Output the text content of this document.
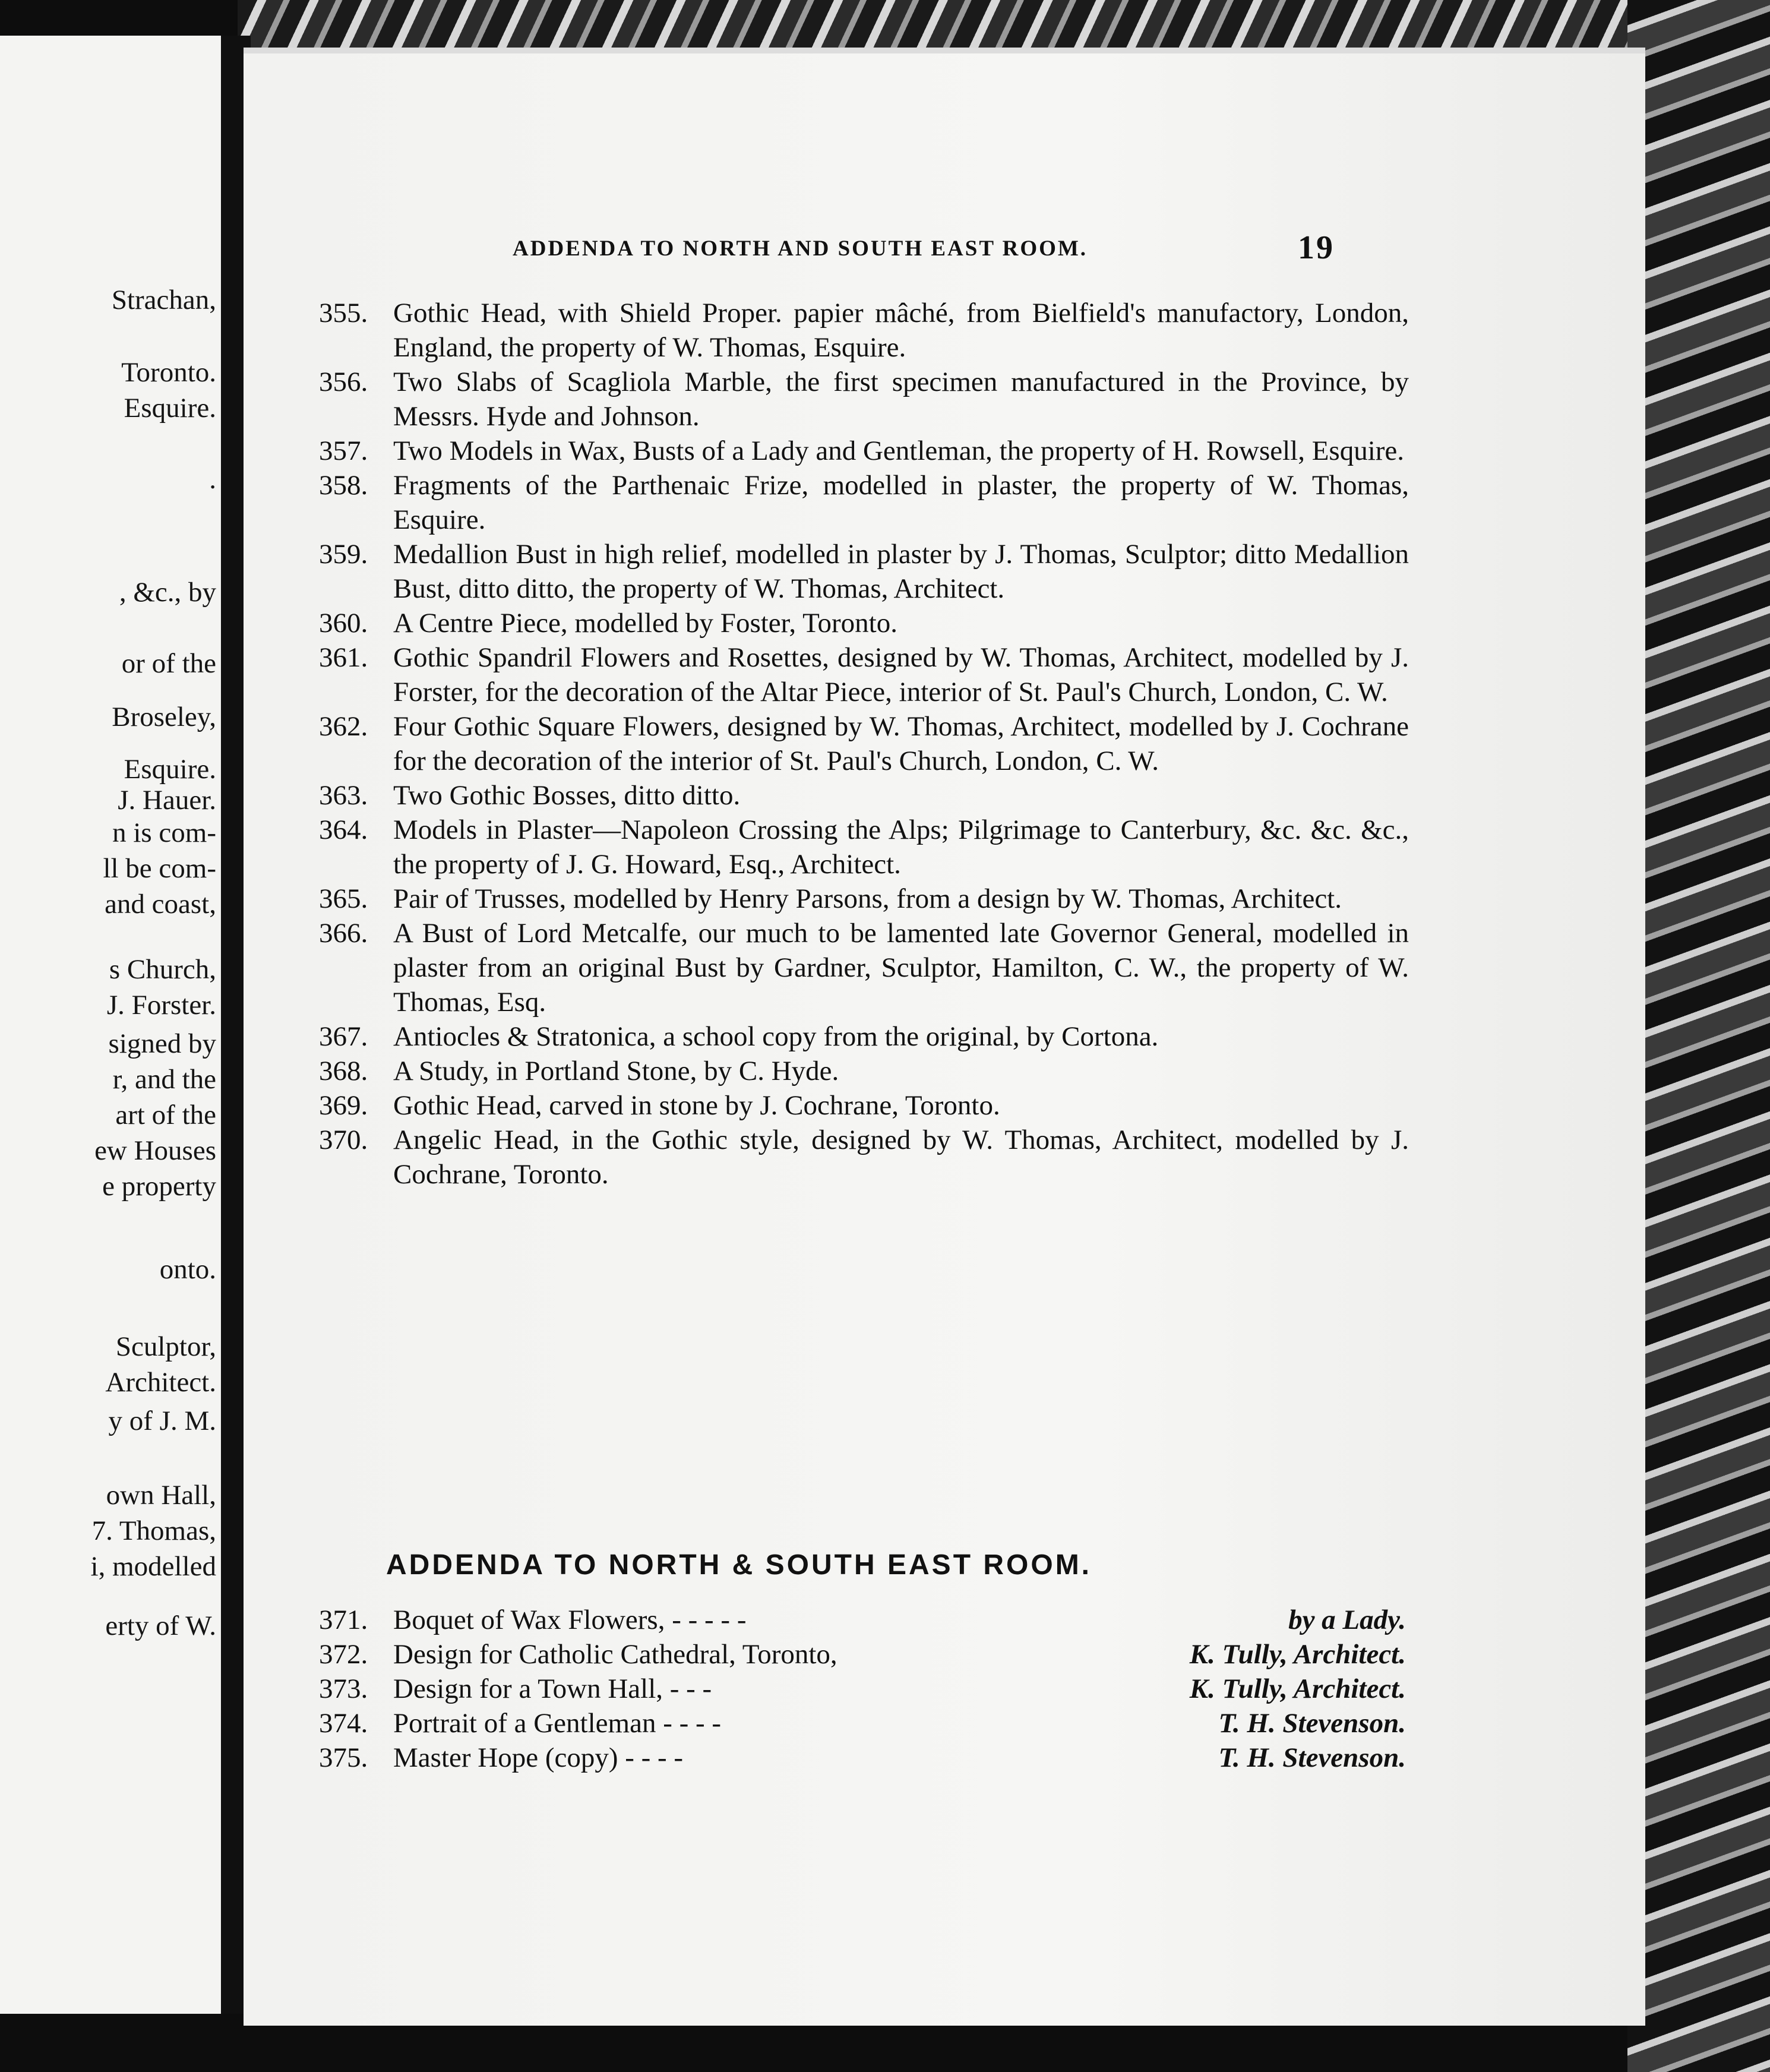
Strachan,
Toronto.
Esquire.
.
, &c., by
or of the
Broseley,
Esquire.
J. Hauer.
n is com-
ll be com-
and coast,
s Church,
J. Forster.
signed by
r, and the
art of the
ew Houses
e property
onto.
Sculptor,
Architect.
y of J. M.
own Hall,
7. Thomas,
i, modelled
erty of W.
ADDENDA TO NORTH AND SOUTH EAST ROOM.	19
355. Gothic Head, with Shield Proper. papier mâché, from Bielfield's manufactory, London, England, the property of W. Thomas, Esquire.
356. Two Slabs of Scagliola Marble, the first specimen manufactured in the Province, by Messrs. Hyde and Johnson.
357. Two Models in Wax, Busts of a Lady and Gentleman, the property of H. Rowsell, Esquire.
358. Fragments of the Parthenaic Frize, modelled in plaster, the property of W. Thomas, Esquire.
359. Medallion Bust in high relief, modelled in plaster by J. Thomas, Sculptor; ditto Medallion Bust, ditto ditto, the property of W. Thomas, Architect.
360. A Centre Piece, modelled by Foster, Toronto.
361. Gothic Spandril Flowers and Rosettes, designed by W. Thomas, Architect, modelled by J. Forster, for the decoration of the Altar Piece, interior of St. Paul's Church, London, C. W.
362. Four Gothic Square Flowers, designed by W. Thomas, Architect, modelled by J. Cochrane for the decoration of the interior of St. Paul's Church, London, C. W.
363. Two Gothic Bosses, ditto ditto.
364. Models in Plaster—Napoleon Crossing the Alps; Pilgrimage to Canterbury, &c. &c. &c., the property of J. G. Howard, Esq., Architect.
365. Pair of Trusses, modelled by Henry Parsons, from a design by W. Thomas, Architect.
366. A Bust of Lord Metcalfe, our much to be lamented late Governor General, modelled in plaster from an original Bust by Gardner, Sculptor, Hamilton, C. W., the property of W. Thomas, Esq.
367. Antiocles & Stratonica, a school copy from the original, by Cortona.
368. A Study, in Portland Stone, by C. Hyde.
369. Gothic Head, carved in stone by J. Cochrane, Toronto.
370. Angelic Head, in the Gothic style, designed by W. Thomas, Architect, modelled by J. Cochrane, Toronto.
ADDENDA TO NORTH & SOUTH EAST ROOM.
371. Boquet of Wax Flowers, - - - - -	by a Lady.
372. Design for Catholic Cathedral, Toronto,	K. Tully, Architect.
373. Design for a Town Hall, - - -	K. Tully, Architect.
374. Portrait of a Gentleman - - - -	T. H. Stevenson.
375. Master Hope (copy) - - - -	T. H. Stevenson.
